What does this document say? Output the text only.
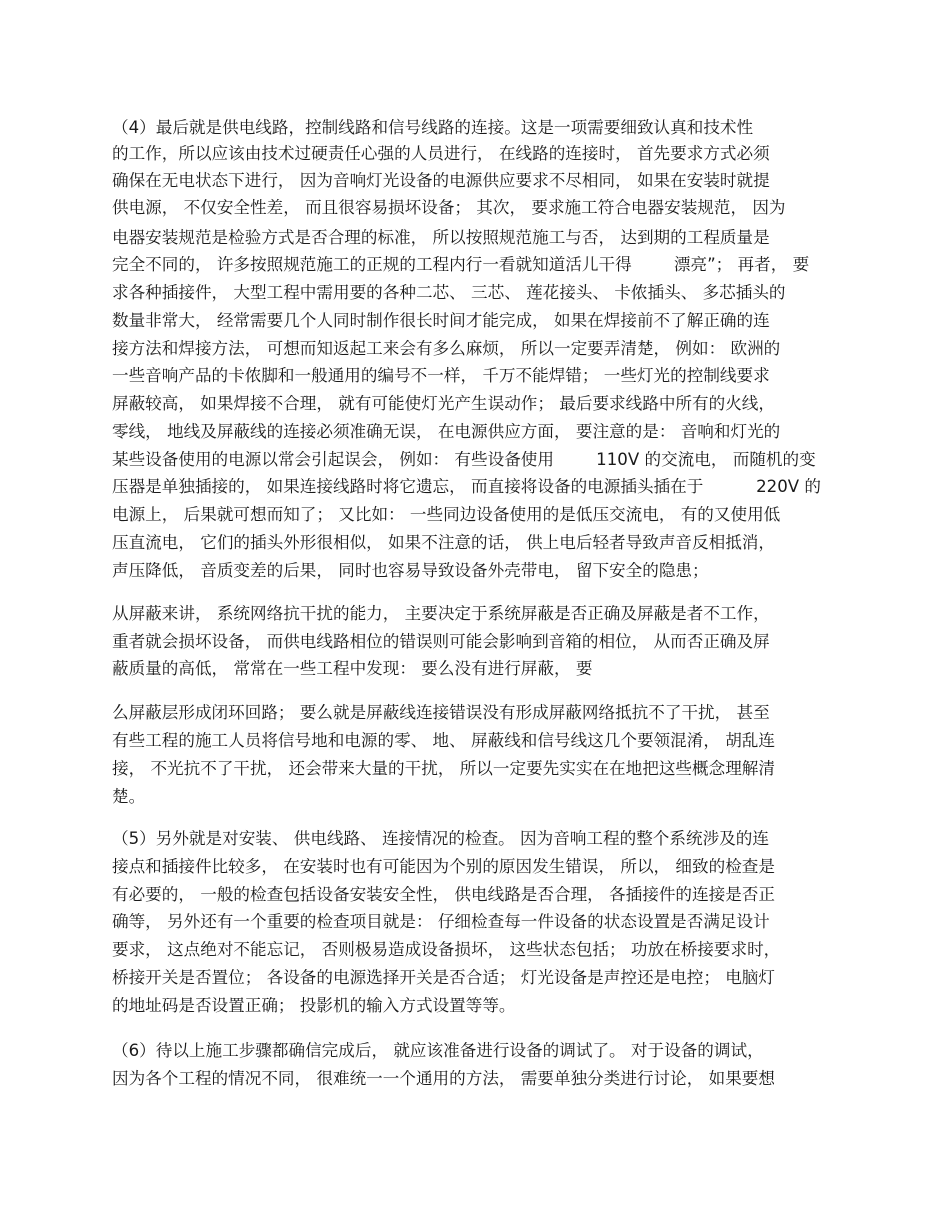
（4）最后就是供电线路，控制线路和信号线路的连接。这是一项需要细致认真和技术性

的工作，所以应该由技术过硬责任心强的人员进行， 在线路的连接时， 首先要求方式必须

确保在无电状态下进行， 因为音响灯光设备的电源供应要求不尽相同， 如果在安装时就提

供电源， 不仅安全性差， 而且很容易损坏设备； 其次， 要求施工符合电器安装规范， 因为

电器安装规范是检验方式是否合理的标准， 所以按照规范施工与否， 达到期的工程质量是

完全不同的， 许多按照规范施工的正规的工程内行一看就知道活儿干得        漂亮”； 再者， 要

求各种插接件， 大型工程中需用要的各种二芯、 三芯、 莲花接头、 卡侬插头、 多芯插头的

数量非常大， 经常需要几个人同时制作很长时间才能完成， 如果在焊接前不了解正确的连

接方法和焊接方法， 可想而知返起工来会有多么麻烦， 所以一定要弄清楚， 例如： 欧洲的

一些音响产品的卡侬脚和一般通用的编号不一样， 千万不能焊错； 一些灯光的控制线要求

屏蔽较高， 如果焊接不合理， 就有可能使灯光产生误动作； 最后要求线路中所有的火线，

零线， 地线及屏蔽线的连接必须准确无误， 在电源供应方面， 要注意的是： 音响和灯光的

某些设备使用的电源以常会引起误会， 例如： 有些设备使用        110V 的交流电， 而随机的变

压器是单独插接的， 如果连接线路时将它遗忘， 而直接将设备的电源插头插在于          220V 的

电源上， 后果就可想而知了； 又比如： 一些同边设备使用的是低压交流电， 有的又使用低

压直流电， 它们的插头外形很相似， 如果不注意的话， 供上电后轻者导致声音反相抵消，

声压降低， 音质变差的后果， 同时也容易导致设备外壳带电， 留下安全的隐患；

从屏蔽来讲， 系统网络抗干扰的能力， 主要决定于系统屏蔽是否正确及屏蔽是者不工作，

重者就会损坏设备， 而供电线路相位的错误则可能会影响到音箱的相位， 从而否正确及屏

蔽质量的高低， 常常在一些工程中发现： 要么没有进行屏蔽， 要

么屏蔽层形成闭环回路； 要么就是屏蔽线连接错误没有形成屏蔽网络抵抗不了干扰， 甚至

有些工程的施工人员将信号地和电源的零、 地、 屏蔽线和信号线这几个要领混淆， 胡乱连

接， 不光抗不了干扰， 还会带来大量的干扰， 所以一定要先实实在在地把这些概念理解清

楚。

（5）另外就是对安装、 供电线路、 连接情况的检查。 因为音响工程的整个系统涉及的连

接点和插接件比较多， 在安装时也有可能因为个别的原因发生错误， 所以， 细致的检查是

有必要的， 一般的检查包括设备安装安全性， 供电线路是否合理， 各插接件的连接是否正

确等， 另外还有一个重要的检查项目就是： 仔细检查每一件设备的状态设置是否满足设计

要求， 这点绝对不能忘记， 否则极易造成设备损坏， 这些状态包括； 功放在桥接要求时，

桥接开关是否置位； 各设备的电源选择开关是否合适； 灯光设备是声控还是电控； 电脑灯

的地址码是否设置正确； 投影机的输入方式设置等等。

（6）待以上施工步骤都确信完成后， 就应该准备进行设备的调试了。 对于设备的调试，

因为各个工程的情况不同， 很难统一一个通用的方法， 需要单独分类进行讨论， 如果要想
